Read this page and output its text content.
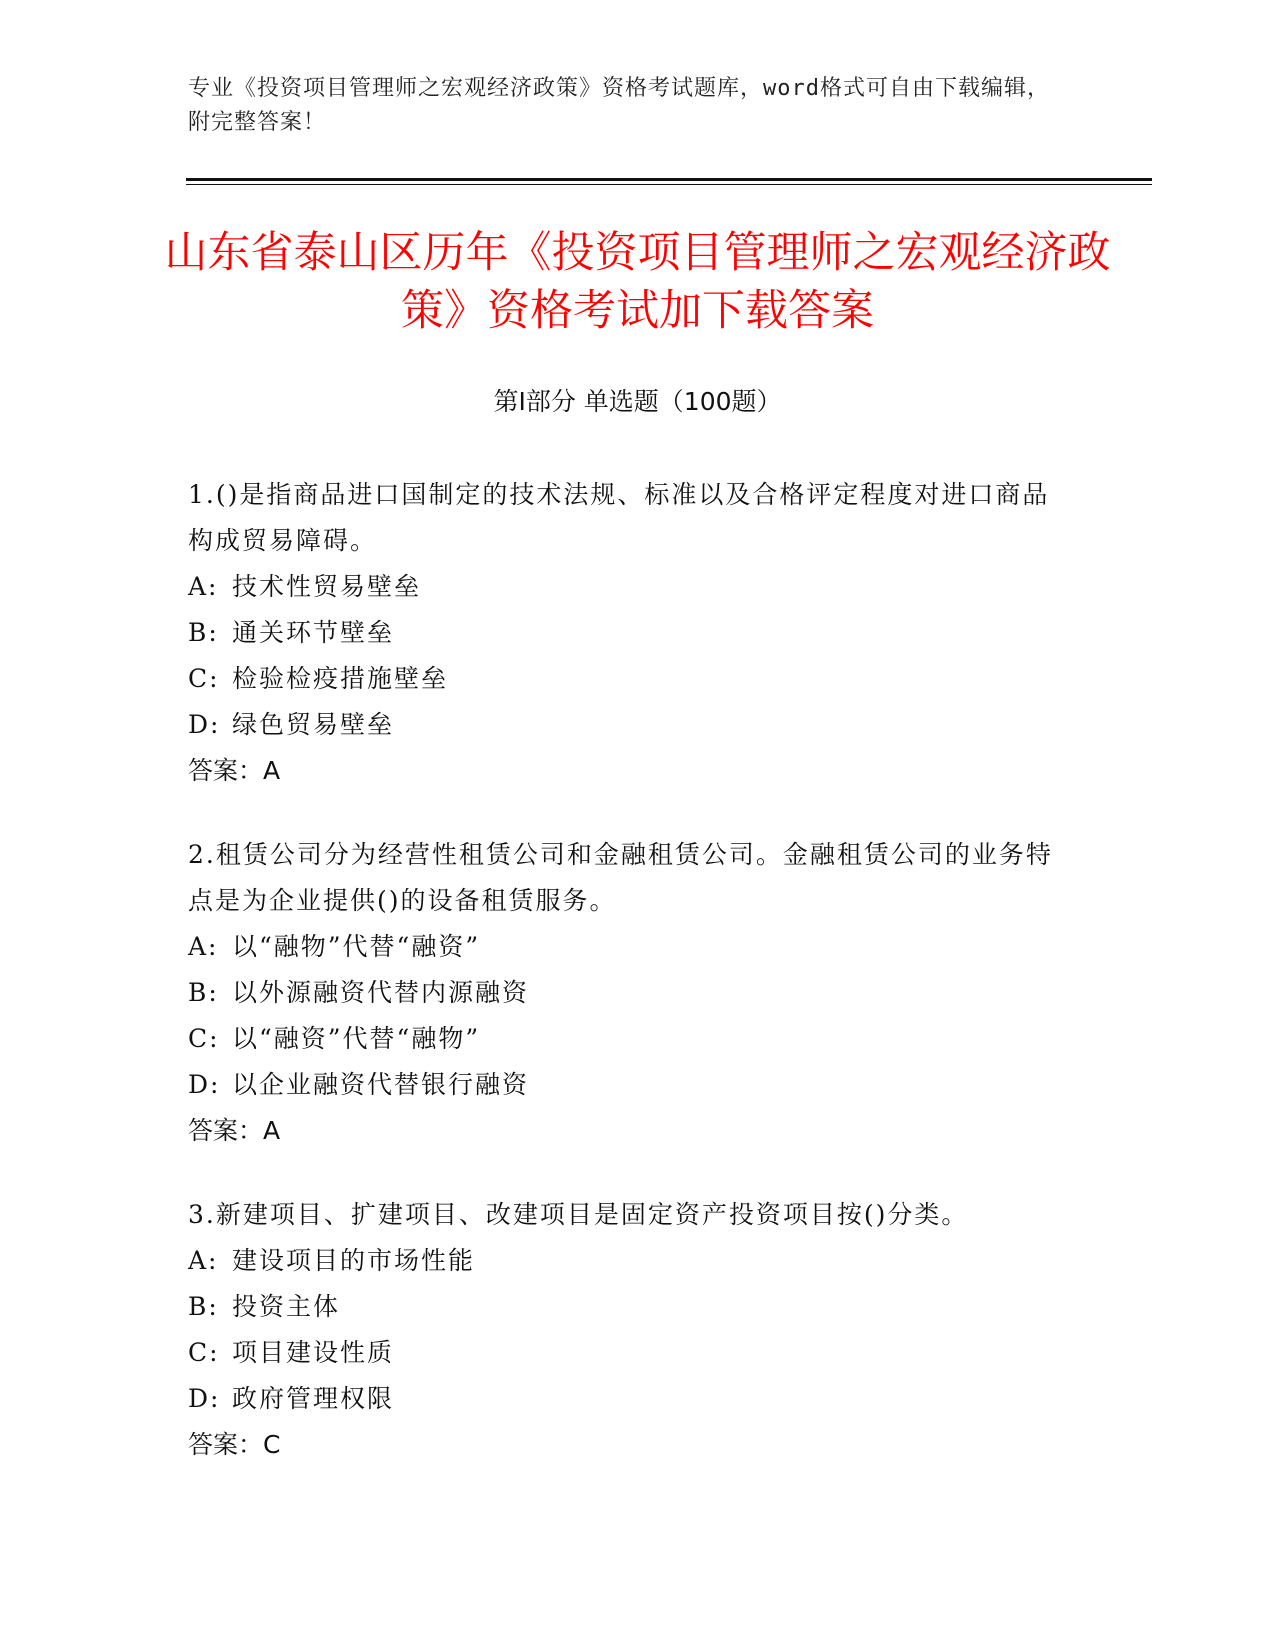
专业《投资项目管理师之宏观经济政策》资格考试题库，word格式可自由下载编辑，附完整答案！
山东省泰山区历年《投资项目管理师之宏观经济政策》资格考试加下载答案
第I部分 单选题（100题）

1.()是指商品进口国制定的技术法规、标准以及合格评定程度对进口商品构成贸易障碍。

A: 技术性贸易壁垒

B: 通关环节壁垒

C: 检验检疫措施壁垒

D: 绿色贸易壁垒

答案：A

2.租赁公司分为经营性租赁公司和金融租赁公司。金融租赁公司的业务特点是为企业提供()的设备租赁服务。

A: 以“融物”代替“融资”

B: 以外源融资代替内源融资

C: 以“融资”代替“融物”

D: 以企业融资代替银行融资

答案：A

3.新建项目、扩建项目、改建项目是固定资产投资项目按()分类。

A: 建设项目的市场性能

B: 投资主体

C: 项目建设性质

D: 政府管理权限

答案：C
